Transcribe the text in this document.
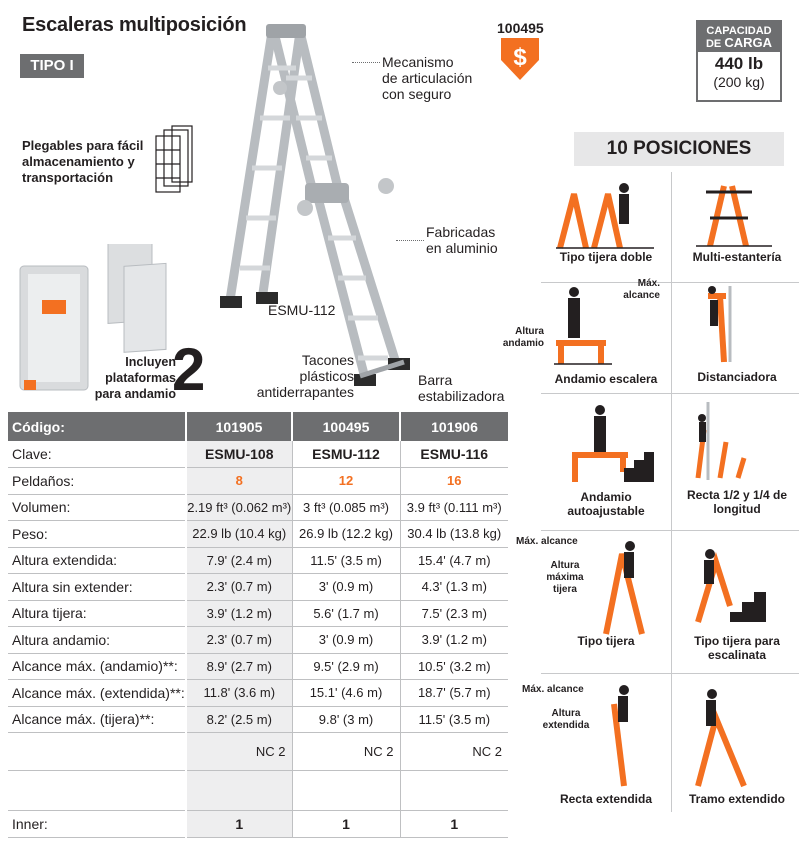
Escaleras multiposición
TIPO I
100495
$
CAPACIDAD
DE CARGA
440 lb
(200 kg)
Mecanismo
de articulación
con seguro
Fabricadas
en aluminio
ESMU-112
Tacones
plásticos
antiderrapantes
Barra
estabilizadora
Plegables para fácil
almacenamiento y
transportación
Incluyen
plataformas
para andamio
2
10 POSICIONES
Tipo tijera doble	Multi-estantería
Máx. alcance
Altura andamio
Andamio escalera	Distanciadora
Andamio autoajustable
Recta 1/2 y 1/4 de longitud
Máx. alcance
Altura máxima tijera
Tipo tijera	Tipo tijera para escalinata
Máx. alcance
Altura extendida
Recta extendida	Tramo extendido
Código:	101905	100495	101906
Clave:	ESMU-108	ESMU-112	ESMU-116
Peldaños:	8	12	16
Volumen:	2.19 ft³ (0.062 m³)	3 ft³ (0.085 m³)	3.9 ft³ (0.111 m³)
Peso:	22.9 lb (10.4 kg)	26.9 lb (12.2 kg)	30.4 lb (13.8 kg)
Altura extendida:	7.9' (2.4 m)	11.5' (3.5 m)	15.4' (4.7 m)
Altura sin extender:	2.3' (0.7 m)	3' (0.9 m)	4.3' (1.3 m)
Altura tijera:	3.9' (1.2 m)	5.6' (1.7 m)	7.5' (2.3 m)
Altura andamio:	2.3' (0.7 m)	3' (0.9 m)	3.9' (1.2 m)
Alcance máx. (andamio)**:	8.9' (2.7 m)	9.5' (2.9 m)	10.5' (3.2 m)
Alcance máx. (extendida)**:	11.8' (3.6 m)	15.1' (4.6 m)	18.7' (5.7 m)
Alcance máx. (tijera)**:	8.2' (2.5 m)	9.8' (3 m)	11.5' (3.5 m)
	NC 2	NC 2	NC 2

Inner:	1	1	1
